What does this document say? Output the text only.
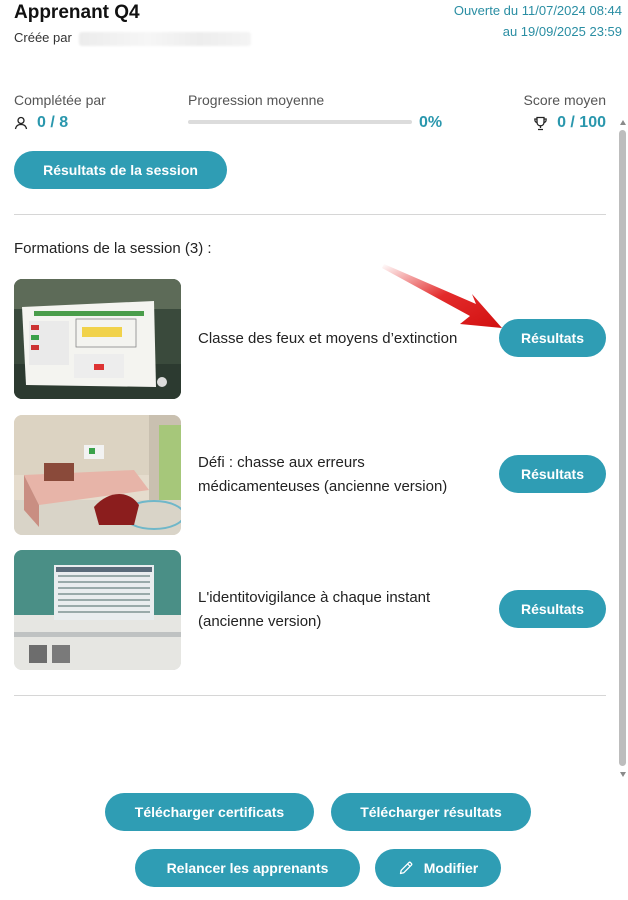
Apprenant Q4
Créée par
Ouverte du 11/07/2024 08:44
au 19/09/2025 23:59
Complétée par
0 / 8
Progression moyenne
0%
Score moyen
0 / 100
Résultats de la session
Formations de la session (3) :
Classe des feux et moyens d’extinction	Résultats
Défi : chasse aux erreurs médicamenteuses (ancienne version)
Résultats
L'identitovigilance à chaque instant (ancienne version)
Résultats
Télécharger certificats	Télécharger résultats
Relancer les apprenants	Modifier
